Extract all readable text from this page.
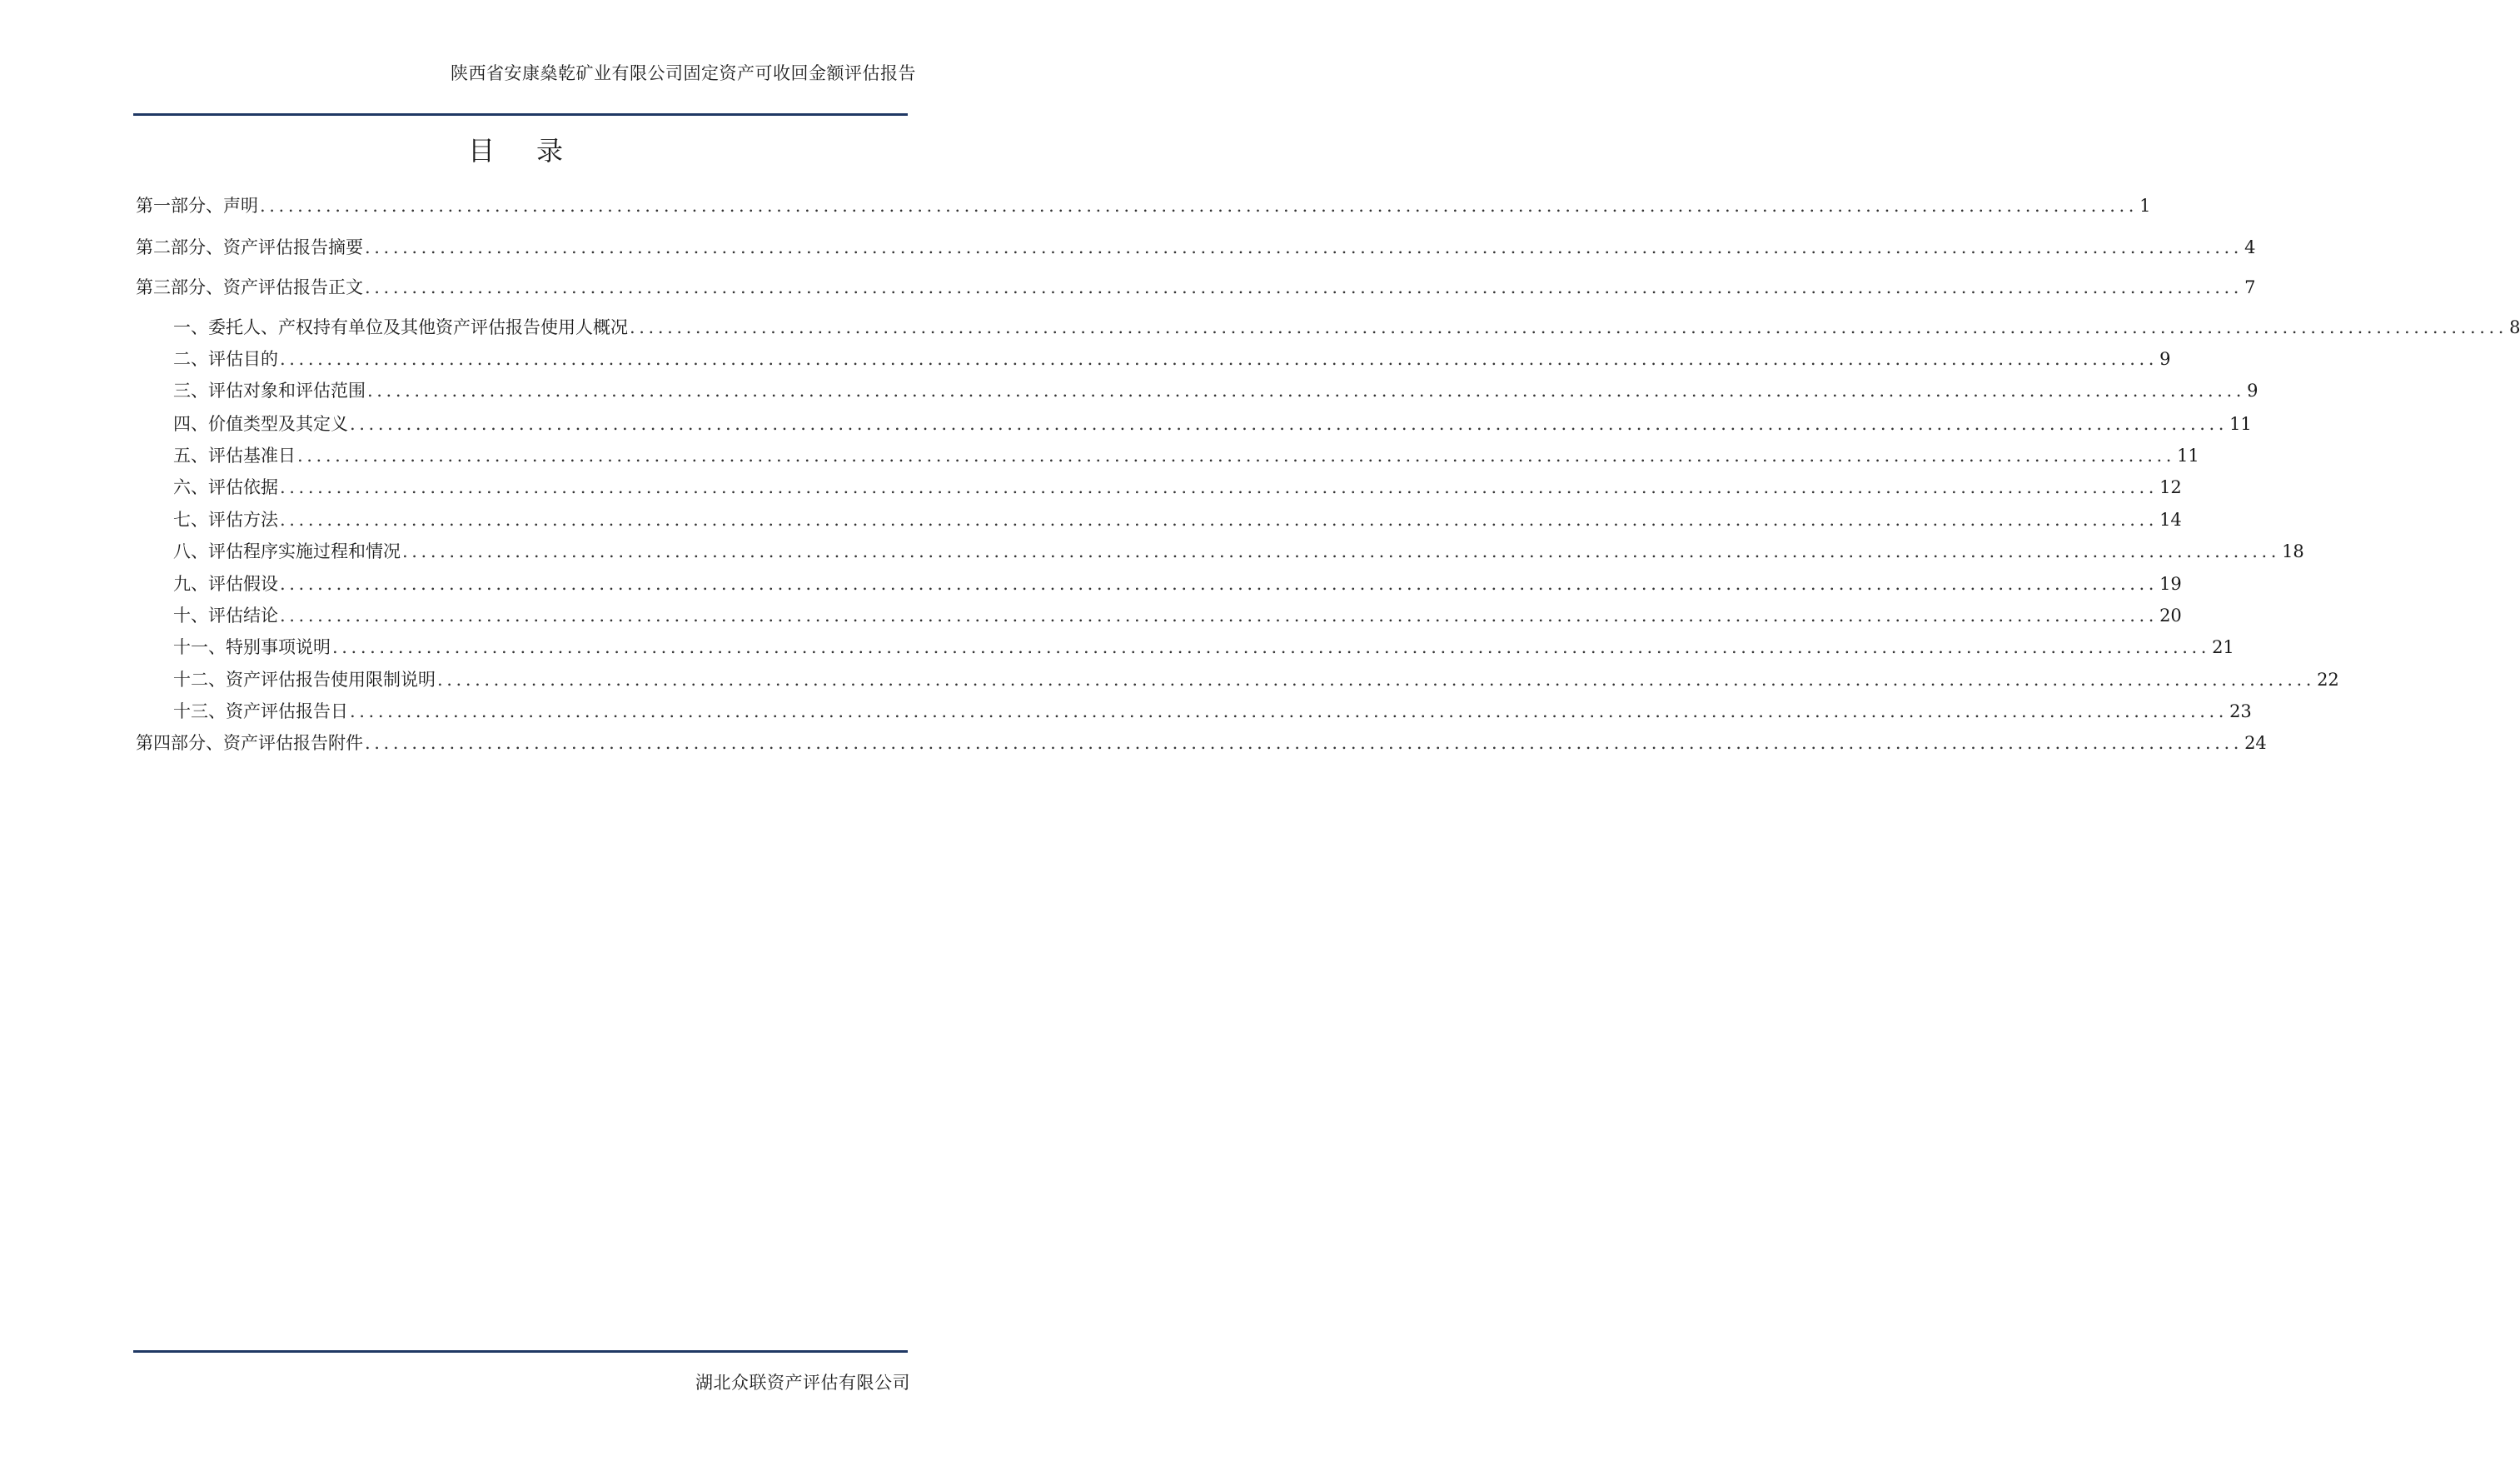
陕西省安康燊乾矿业有限公司固定资产可收回金额评估报告
目 录
第一部分、声明 ........................................................................................................................................................................................................ 1
第二部分、资产评估报告摘要 ........................................................................................................................................................................................................ 4
第三部分、资产评估报告正文 ........................................................................................................................................................................................................ 7
一、委托人、产权持有单位及其他资产评估报告使用人概况 ........................................................................................................................................................................................................ 8
二、评估目的 ........................................................................................................................................................................................................ 9
三、评估对象和评估范围 ........................................................................................................................................................................................................ 9
四、价值类型及其定义 ........................................................................................................................................................................................................ 11
五、评估基准日 ........................................................................................................................................................................................................ 11
六、评估依据 ........................................................................................................................................................................................................ 12
七、评估方法 ........................................................................................................................................................................................................ 14
八、评估程序实施过程和情况 ........................................................................................................................................................................................................ 18
九、评估假设 ........................................................................................................................................................................................................ 19
十、评估结论 ........................................................................................................................................................................................................ 20
十一、特别事项说明 ........................................................................................................................................................................................................ 21
十二、资产评估报告使用限制说明 ........................................................................................................................................................................................................ 22
十三、资产评估报告日 ........................................................................................................................................................................................................ 23
第四部分、资产评估报告附件 ........................................................................................................................................................................................................ 24
湖北众联资产评估有限公司
